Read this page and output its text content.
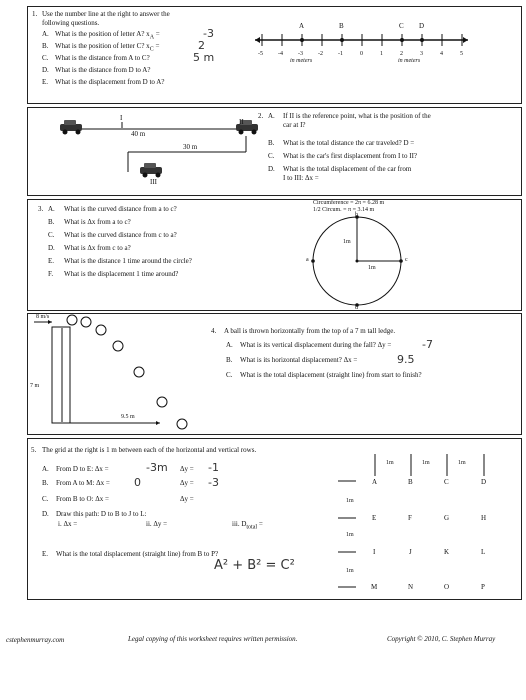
1. Use the number line at the right to answer the
following questions.
A. What is the position of letter A? $x_A$ =	-3
B. What is the position of letter C? $x_C$ =	2
C. What is the distance from A to C?	5 m
D. What is the distance from D to A?
E. What is the displacement from D to A?
A	B	C D
-5	-4	-3	-2	-1	0	1	2	3	4	5
in meters	in meters
I	II
III
40 m
30 m
2. A. If II is the reference point, what is the position of the
car at I?
B. What is the total distance the car traveled? D =
C. What is the car's first displacement from I to II?
D. What is the total displacement of the car from
I to III: Δx =
3. A. What is the curved distance from a to c?
B. What is Δx from a to c?
C. What is the curved distance from c to a?
D. What is Δx from c to a?
E. What is the distance 1 time around the circle?
F. What is the displacement 1 time around?
Circumference = 2π = 6.28 m
1/2 Circum. = π = 3.14 m
a
b
c
d
1m
1m
8 m/s
7 m
9.5 m
4. A ball is thrown horizontally from the top of a 7 m tall ledge.
A. What is its vertical displacement during the fall? Δy =	-7
B. What is its horizontal displacement? Δx =	9.5
C. What is the total displacement (straight line) from start to finish?
5. The grid at the right is 1 m between each of the horizontal and vertical rows.
A. From D to E: Δx =	-3m Δy = -1
B. From A to M: Δx = 0	Δy = -3
C. From B to O: Δx =	Δy =
D. Draw this path: D to B to J to L:
i. Δx =	ii. Δy =	iii. $D_{total}$ =
E. What is the total displacement (straight line) from B to P?
A² + B² = C²
1m	1m	1m
1m
1m
1m
A	B	C	D
E	F	G	H
I	J	K	L
M	N	O	P
cstephenmurray.com	Legal copying of this worksheet requires written permission.	Copyright © 2010, C. Stephen Murray
